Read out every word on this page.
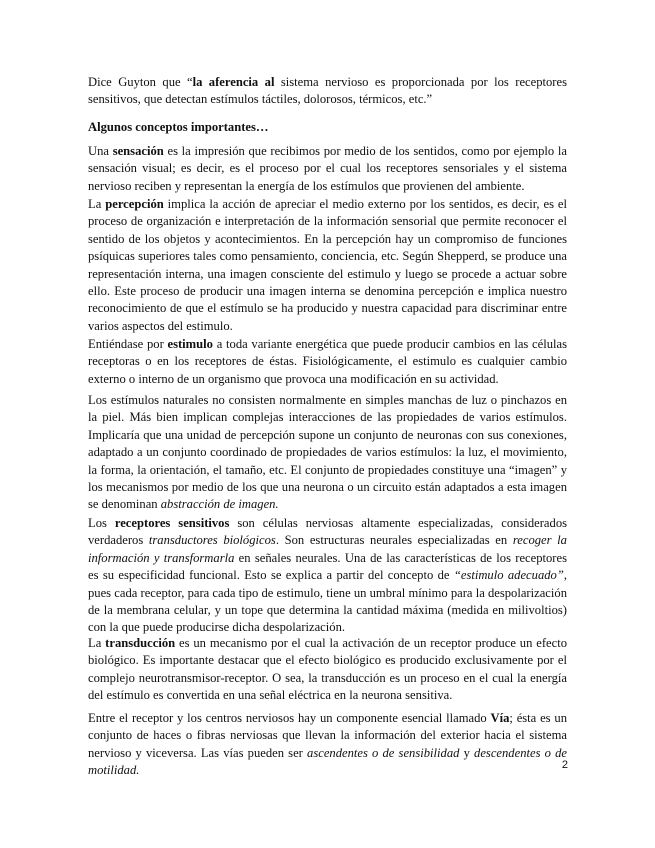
Dice Guyton que “la aferencia al sistema nervioso es proporcionada por los receptores sensitivos, que detectan estímulos táctiles, dolorosos, térmicos, etc.”

Algunos conceptos importantes…

Una sensación es la impresión que recibimos por medio de los sentidos, como por ejemplo la sensación visual; es decir, es el proceso por el cual los receptores sensoriales y el sistema nervioso reciben y representan la energía de los estímulos que provienen del ambiente.

La percepción implica la acción de apreciar el medio externo por los sentidos, es decir, es el proceso de organización e interpretación de la información sensorial que permite reconocer el sentido de los objetos y acontecimientos. En la percepción hay un compromiso de funciones psíquicas superiores tales como pensamiento, conciencia, etc. Según Shepperd, se produce una representación interna, una imagen consciente del estimulo y luego se procede a actuar sobre ello. Este proceso de producir una imagen interna se denomina percepción e implica nuestro reconocimiento de que el estímulo se ha producido y nuestra capacidad para discriminar entre varios aspectos del estimulo.

Entiéndase por estimulo a toda variante energética que puede producir cambios en las células receptoras o en los receptores de éstas. Fisiológicamente, el estimulo es cualquier cambio externo o interno de un organismo que provoca una modificación en su actividad.

Los estímulos naturales no consisten normalmente en simples manchas de luz o pinchazos en la piel. Más bien implican complejas interacciones de las propiedades de varios estímulos. Implicaría que una unidad de percepción supone un conjunto de neuronas con sus conexiones, adaptado a un conjunto coordinado de propiedades de varios estímulos: la luz, el movimiento, la forma, la orientación, el tamaño, etc. El conjunto de propiedades constituye una “imagen” y los mecanismos por medio de los que una neurona o un circuito están adaptados a esta imagen se denominan abstracción de imagen.

Los receptores sensitivos son células nerviosas altamente especializadas, considerados verdaderos transductores biológicos. Son estructuras neurales especializadas en recoger la información y transformarla en señales neurales. Una de las características de los receptores es su especificidad funcional. Esto se explica a partir del concepto de “estimulo adecuado”, pues cada receptor, para cada tipo de estimulo, tiene un umbral mínimo para la despolarización de la membrana celular, y un tope que determina la cantidad máxima (medida en milivoltios) con la que puede producirse dicha despolarización.

La transducción es un mecanismo por el cual la activación de un receptor produce un efecto biológico. Es importante destacar que el efecto biológico es producido exclusivamente por el complejo neurotransmisor-receptor. O sea, la transducción es un proceso en el cual la energía del estímulo es convertida en una señal eléctrica en la neurona sensitiva.

Entre el receptor y los centros nerviosos hay un componente esencial llamado Vía; ésta es un conjunto de haces o fibras nerviosas que llevan la información del exterior hacia el sistema nervioso y viceversa. Las vías pueden ser ascendentes o de sensibilidad y descendentes o de motilidad.	2
